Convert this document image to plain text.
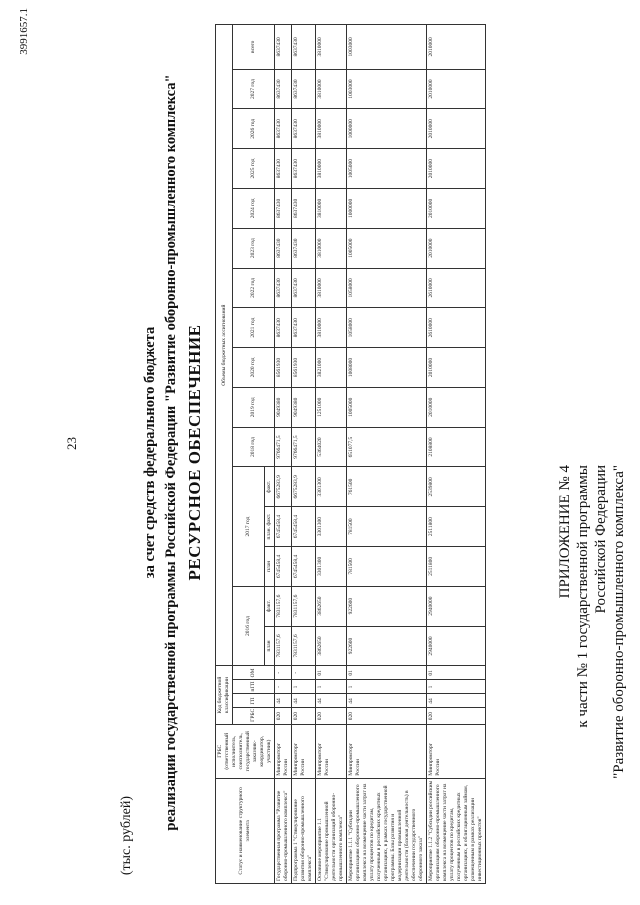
23
ПРИЛОЖЕНИЕ № 4 к части № 1 государственной программы Российской Федерации "Развитие оборонно-промышленного комплекса"
РЕСУРСНОЕ ОБЕСПЕЧЕНИЕ
реализации государственной программы Российской Федерации "Развитие оборонно-промышленного комплекса"
за счет средств федерального бюджета
(тыс. рублей)	Статус и наименование структурного элемента	ГРБС (ответственный исполнитель, соисполнитель, государственный заказчик-координатор, участник)	Код бюджетной классификации				Объемы бюджетных ассигнований															
		ГРБС	ГП	пГП	ОМ	2016 год		2017 год			2018 год	2019 год	2020 год	2021 год	2022 год	2023 год	2024 год	2025 год	2026 год	2027 год	всего
						план	факт.	план	план. факт.	факт.											
Государственная программа "Развитие оборонно-промышленного комплекса"	Минпромторг России	020	44	-	-	7831157,6	7831157,6	6745458,4	6745458,4	6675283,9	9766471,5	9049380	8561930	8637430	8637430	8637430	8637430	8637430	8637430	8637430	8637430
Подпрограмма 1 "Стимулирование развития оборонно-промышленного комплекса"	Минпромторг России	020	44	1	-	7831157,6	7831157,6	6745458,4	6745458,4	6675283,9	9766471,5	9049380	8561930	8637430	8637430	8637430	8637430	8637430	8637430	8637430	8637430
Основное мероприятие 1.1 "Стимулирование промышленной деятельности организаций оборонно-промышленного комплекса"	Минпромторг России	020	44	1	01	3862650	3862650	3301300	3301300	3301300	5364020	1251000	3821000	3810000	3810000	3810000	3810000	3810000	3810000	3810000	3810000
Мероприятие 1.1.1 "Субсидии организациям оборонно-промышленного комплекса на возмещение части затрат на уплату процентов по кредитам, полученным в российских кредитных организациях, в рамках государственной программы. Базы развития и модернизации промышленной деятельности (базовая деятельность) в обеспечении государственного оборонного заказа"	Минпромторг России	020	44	1	01	922600	922600	781500	781500	761500	651077,5	1005000	1008000	1058000	1058000	1005000	1000000	1005000	1000000	1003000	1003000
Мероприятие 1.1.2 "Субсидии российским организациям оборонно-промышленного комплекса на возмещение части затрат на уплату процентов по кредитам, полученным в российских кредитных организациях, и облигационным займам, размещенным в рамках реализации инвестиционных проектов"	Минпромторг России	020	44	1	01	2940000	2940000	2511800	2511800	2539800	2108800	2010000	2010000	2610000	2610000	2010000	2010000	2010000	2010000	2010000	2010000
3991657.1
